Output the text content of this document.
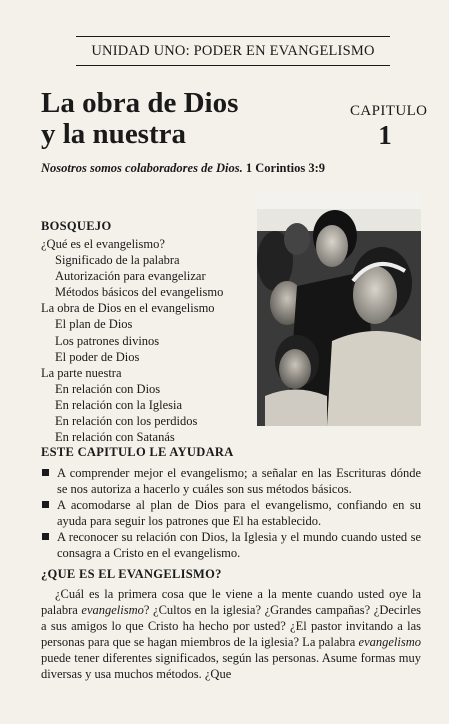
UNIDAD UNO: PODER EN EVANGELISMO
La obra de Dios
y la nuestra
CAPITULO
1
Nosotros somos colaboradores de Dios. 1 Corintios 3:9
BOSQUEJO
¿Qué es el evangelismo?
Significado de la palabra
Autorización para evangelizar
Métodos básicos del evangelismo
La obra de Dios en el evangelismo
El plan de Dios
Los patrones divinos
El poder de Dios
La parte nuestra
En relación con Dios
En relación con la Iglesia
En relación con los perdidos
En relación con Satanás
ESTE CAPITULO LE AYUDARA
A comprender mejor el evangelismo; a señalar en las Escrituras dónde se nos autoriza a hacerlo y cuáles son sus métodos básicos.
A acomodarse al plan de Dios para el evangelismo, confiando en su ayuda para seguir los patrones que El ha establecido.
A reconocer su relación con Dios, la Iglesia y el mundo cuando usted se consagra a Cristo en el evangelismo.
¿QUE ES EL EVANGELISMO?

¿Cuál es la primera cosa que le viene a la mente cuando usted oye la palabra evangelismo? ¿Cultos en la iglesia? ¿Grandes campañas? ¿Decirles a sus amigos lo que Cristo ha hecho por usted? ¿El pastor invitando a las personas para que se hagan miembros de la iglesia? La palabra evangelismo puede tener diferentes significados, según las personas. Asume formas muy diversas y usa muchos métodos. ¿Que
